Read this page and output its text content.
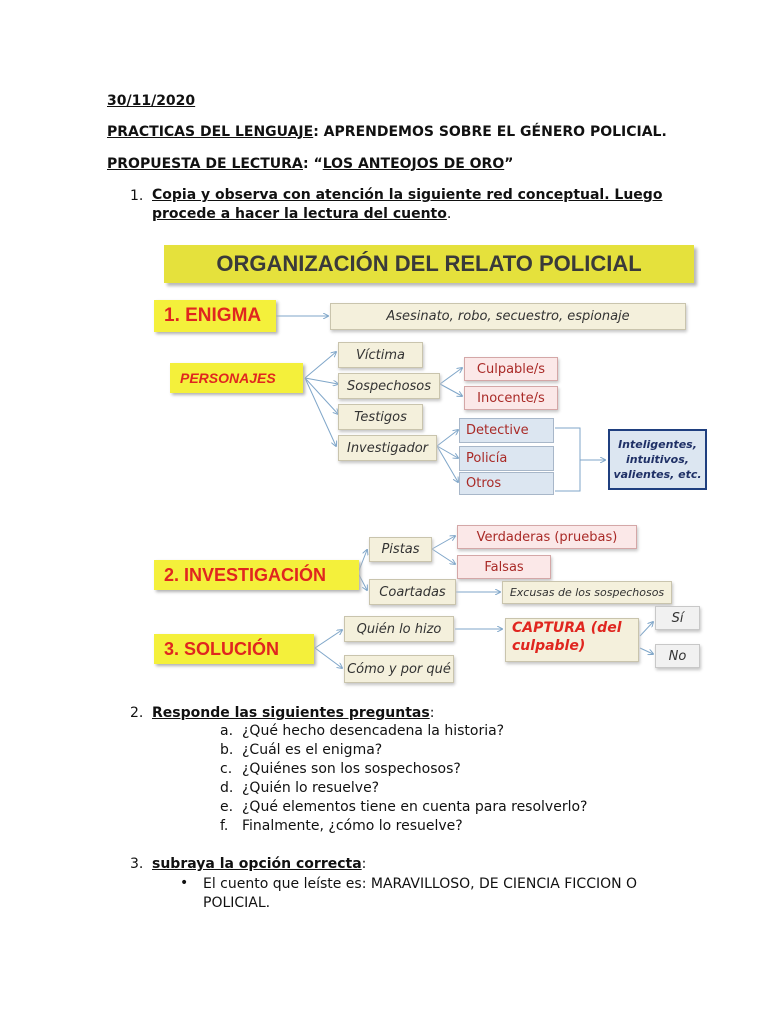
30/11/2020
PRACTICAS DEL LENGUAJE: APRENDEMOS SOBRE EL GÉNERO POLICIAL.
PROPUESTA DE LECTURA: “LOS ANTEOJOS DE ORO”
1. Copia y observa con atención la siguiente red conceptual. Luego
procede a hacer la lectura del cuento.
ORGANIZACIÓN DEL RELATO POLICIAL
1. ENIGMA	Asesinato, robo, secuestro, espionaje
PERSONAJES
Víctima
Sospechosos
Testigos
Investigador
Culpable/s
Inocente/s
Detective
Policía
Otros
Inteligentes,
intuitivos,
valientes, etc.
2. INVESTIGACIÓN
Pistas
Coartadas
Verdaderas (pruebas)
Falsas
Excusas de los sospechosos
3. SOLUCIÓN
Quién lo hizo
Cómo y por qué
CAPTURA (del
culpable)
Sí
No
2. Responde las siguientes preguntas:
a. ¿Qué hecho desencadena la historia?
b. ¿Cuál es el enigma?
c. ¿Quiénes son los sospechosos?
d. ¿Quién lo resuelve?
e. ¿Qué elementos tiene en cuenta para resolverlo?
f. Finalmente, ¿cómo lo resuelve?
3. subraya la opción correcta:
• El cuento que leíste es: MARAVILLOSO, DE CIENCIA FICCION O
POLICIAL.
